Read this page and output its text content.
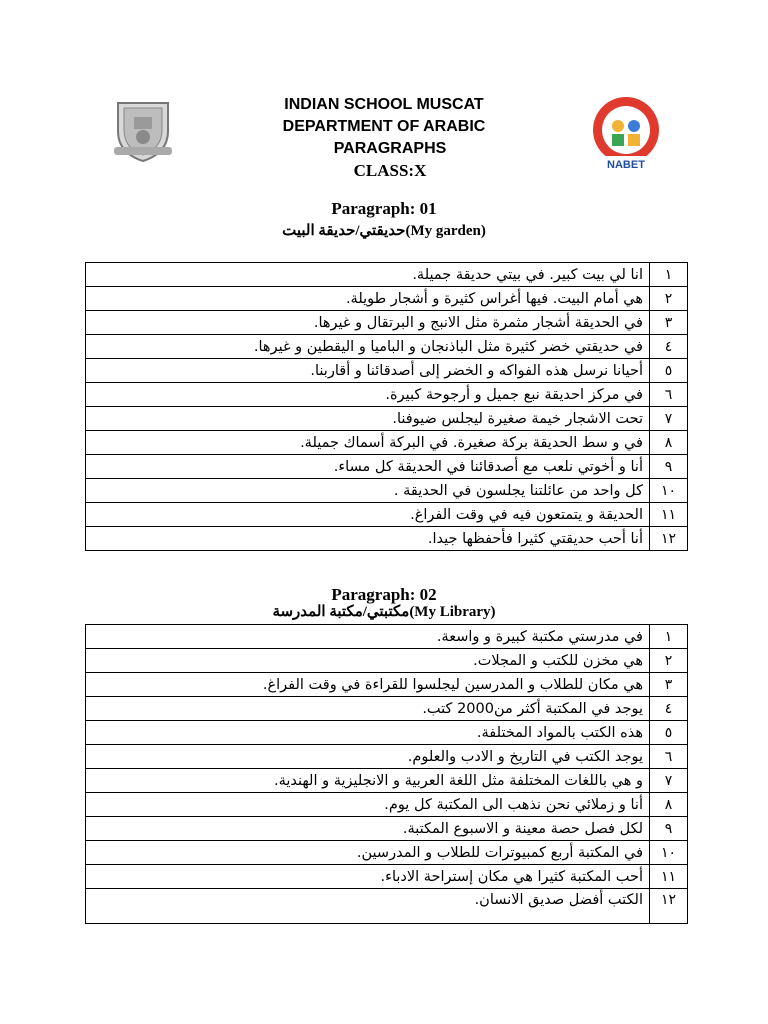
NABET
INDIAN SCHOOL MUSCAT
DEPARTMENT OF ARABIC
PARAGRAPHS
CLASS:X
Paragraph: 01
حديقتي/حديقة البيت(My garden)
انا لي بيت كبير. في بيتي حديقة جميلة.	١
هي أمام البيت. فيها أغراس كثيرة و أشجار طويلة.	٢
في الحديقة أشجار مثمرة مثل الانبج و البرتقال و غيرها.	٣
في حديقتي خضر كثيرة مثل الباذنجان و الباميا و اليقطين و غيرها.	٤
أحيانا نرسل هذه الفواكه و الخضر إلى أصدقائنا و أقاربنا.	٥
في مركز احديقة نبع جميل و أرجوحة كبيرة.	٦
تحت الاشجار خيمة صغيرة ليجلس ضيوفنا.	٧
في و سط الحديقة بركة صغيرة. في البركة أسماك جميلة.	٨
أنا و أخوتي نلعب مع أصدقائنا في الحديقة كل مساء.	٩
كل واحد من عائلتنا يجلسون في الحديقة .	١٠
الحديقة و يتمتعون فيه في وقت الفراغ.	١١
أنا أحب حديقتي كثيرا فأحفظها جيدا.	١٢
Paragraph: 02
مكتبتي/مكتبة المدرسة(My Library)
في مدرستي مكتبة كبيرة و واسعة.	١
هي مخزن للكتب و المجلات.	٢
هي مكان للطلاب و المدرسين ليجلسوا للقراءة في وقت الفراغ.	٣
يوجد في المكتبة أكثر من2000 كتب.	٤
هذه الكتب بالمواد المختلفة.	٥
يوجد الكتب في التاريخ و الادب والعلوم.	٦
و هي باللغات المختلفة مثل اللغة العربية و الانجليزية و الهندية.	٧
أنا و زملائي نحن نذهب الى المكتبة كل يوم.	٨
لكل فصل حصة معينة و الاسبوع المكتبة.	٩
في المكتبة أربع كمبيوترات للطلاب و المدرسين.	١٠
أحب المكتبة كثيرا هي مكان إستراحة الادباء.	١١
الكتب أفضل صديق الانسان.	١٢
